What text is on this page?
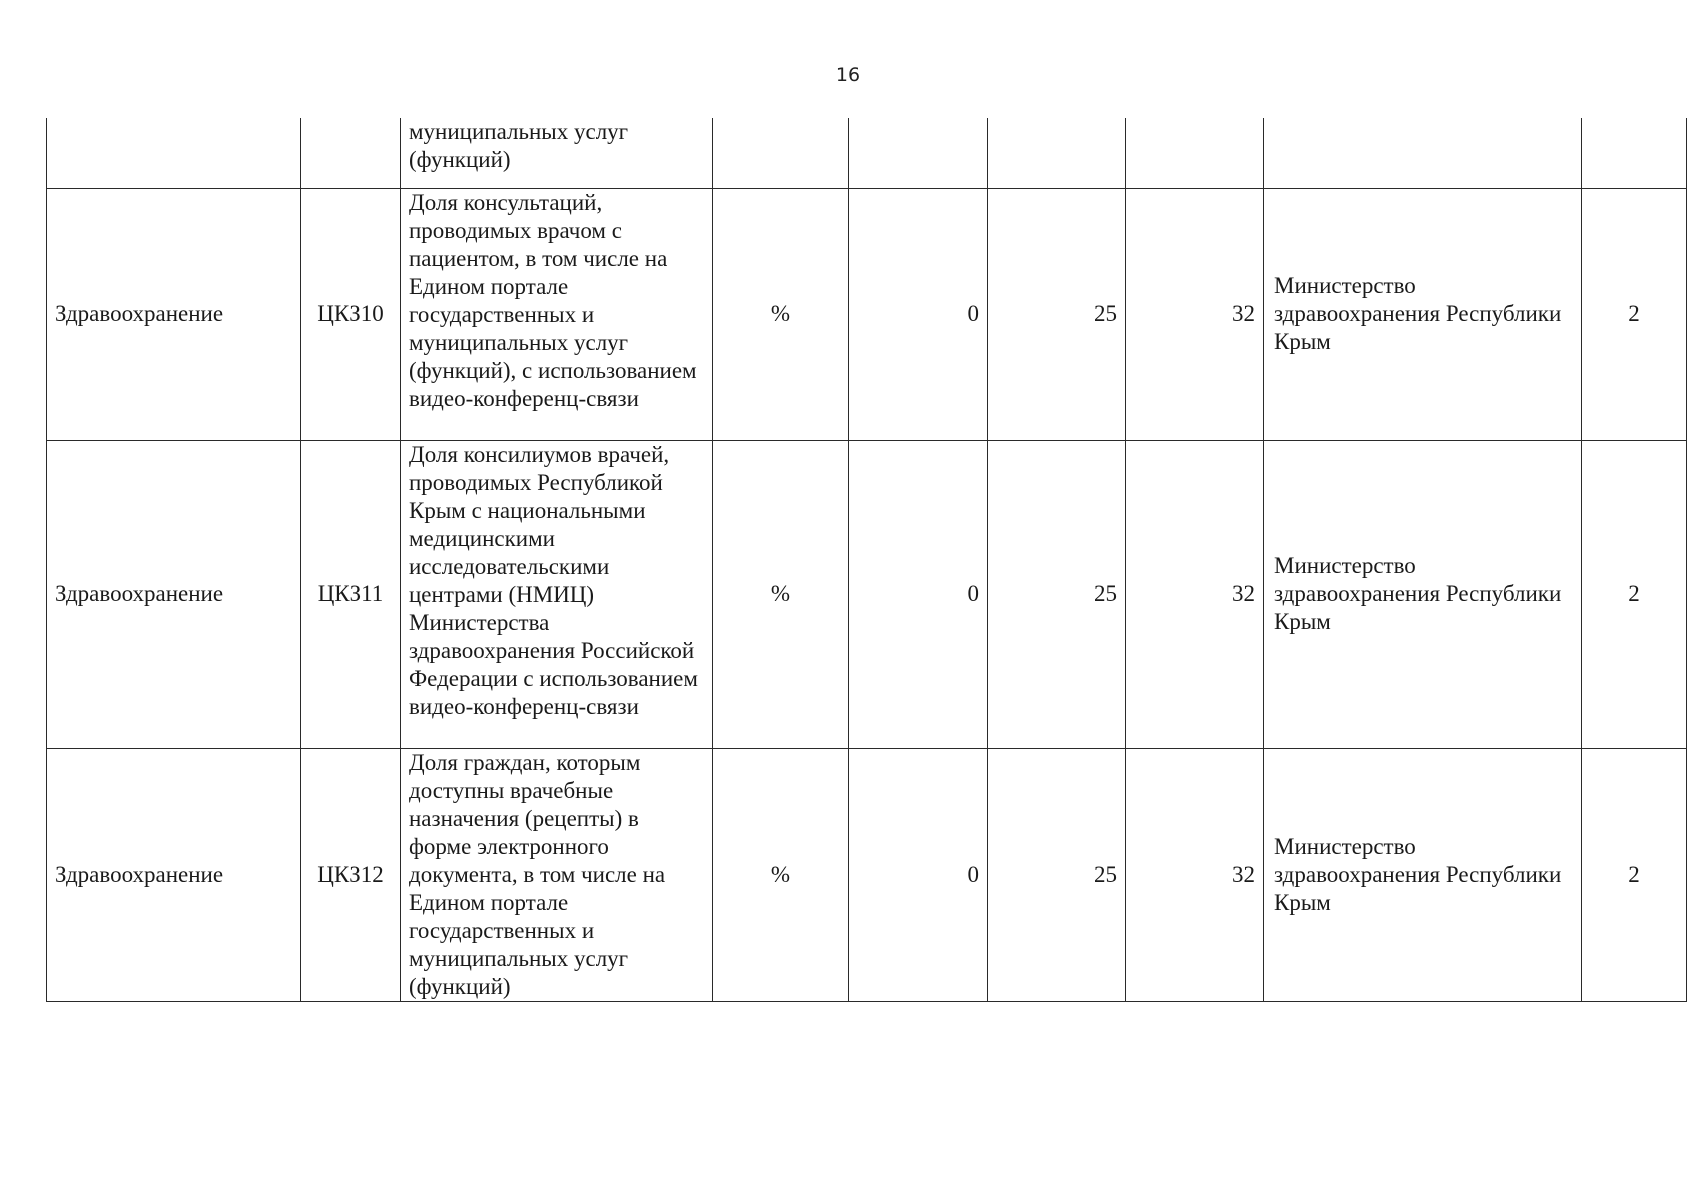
16
		муниципальных услуг (функций)						
Здравоохранение	ЦКЗ10	Доля консультаций, проводимых врачом с пациентом, в том числе на Едином портале государственных и муниципальных услуг (функций), с использованием видео-конференц-связи	%	0	25	32	Министерство здравоохранения Республики Крым	2
Здравоохранение	ЦКЗ11	Доля консилиумов врачей, проводимых Республикой Крым с национальными медицинскими исследовательскими центрами (НМИЦ) Министерства здравоохранения Российской Федерации с использованием видео-конференц-связи	%	0	25	32	Министерство здравоохранения Республики Крым	2
Здравоохранение	ЦКЗ12	Доля граждан, которым доступны врачебные назначения (рецепты) в форме электронного документа, в том числе на Едином портале государственных и муниципальных услуг (функций)	%	0	25	32	Министерство здравоохранения Республики Крым	2
